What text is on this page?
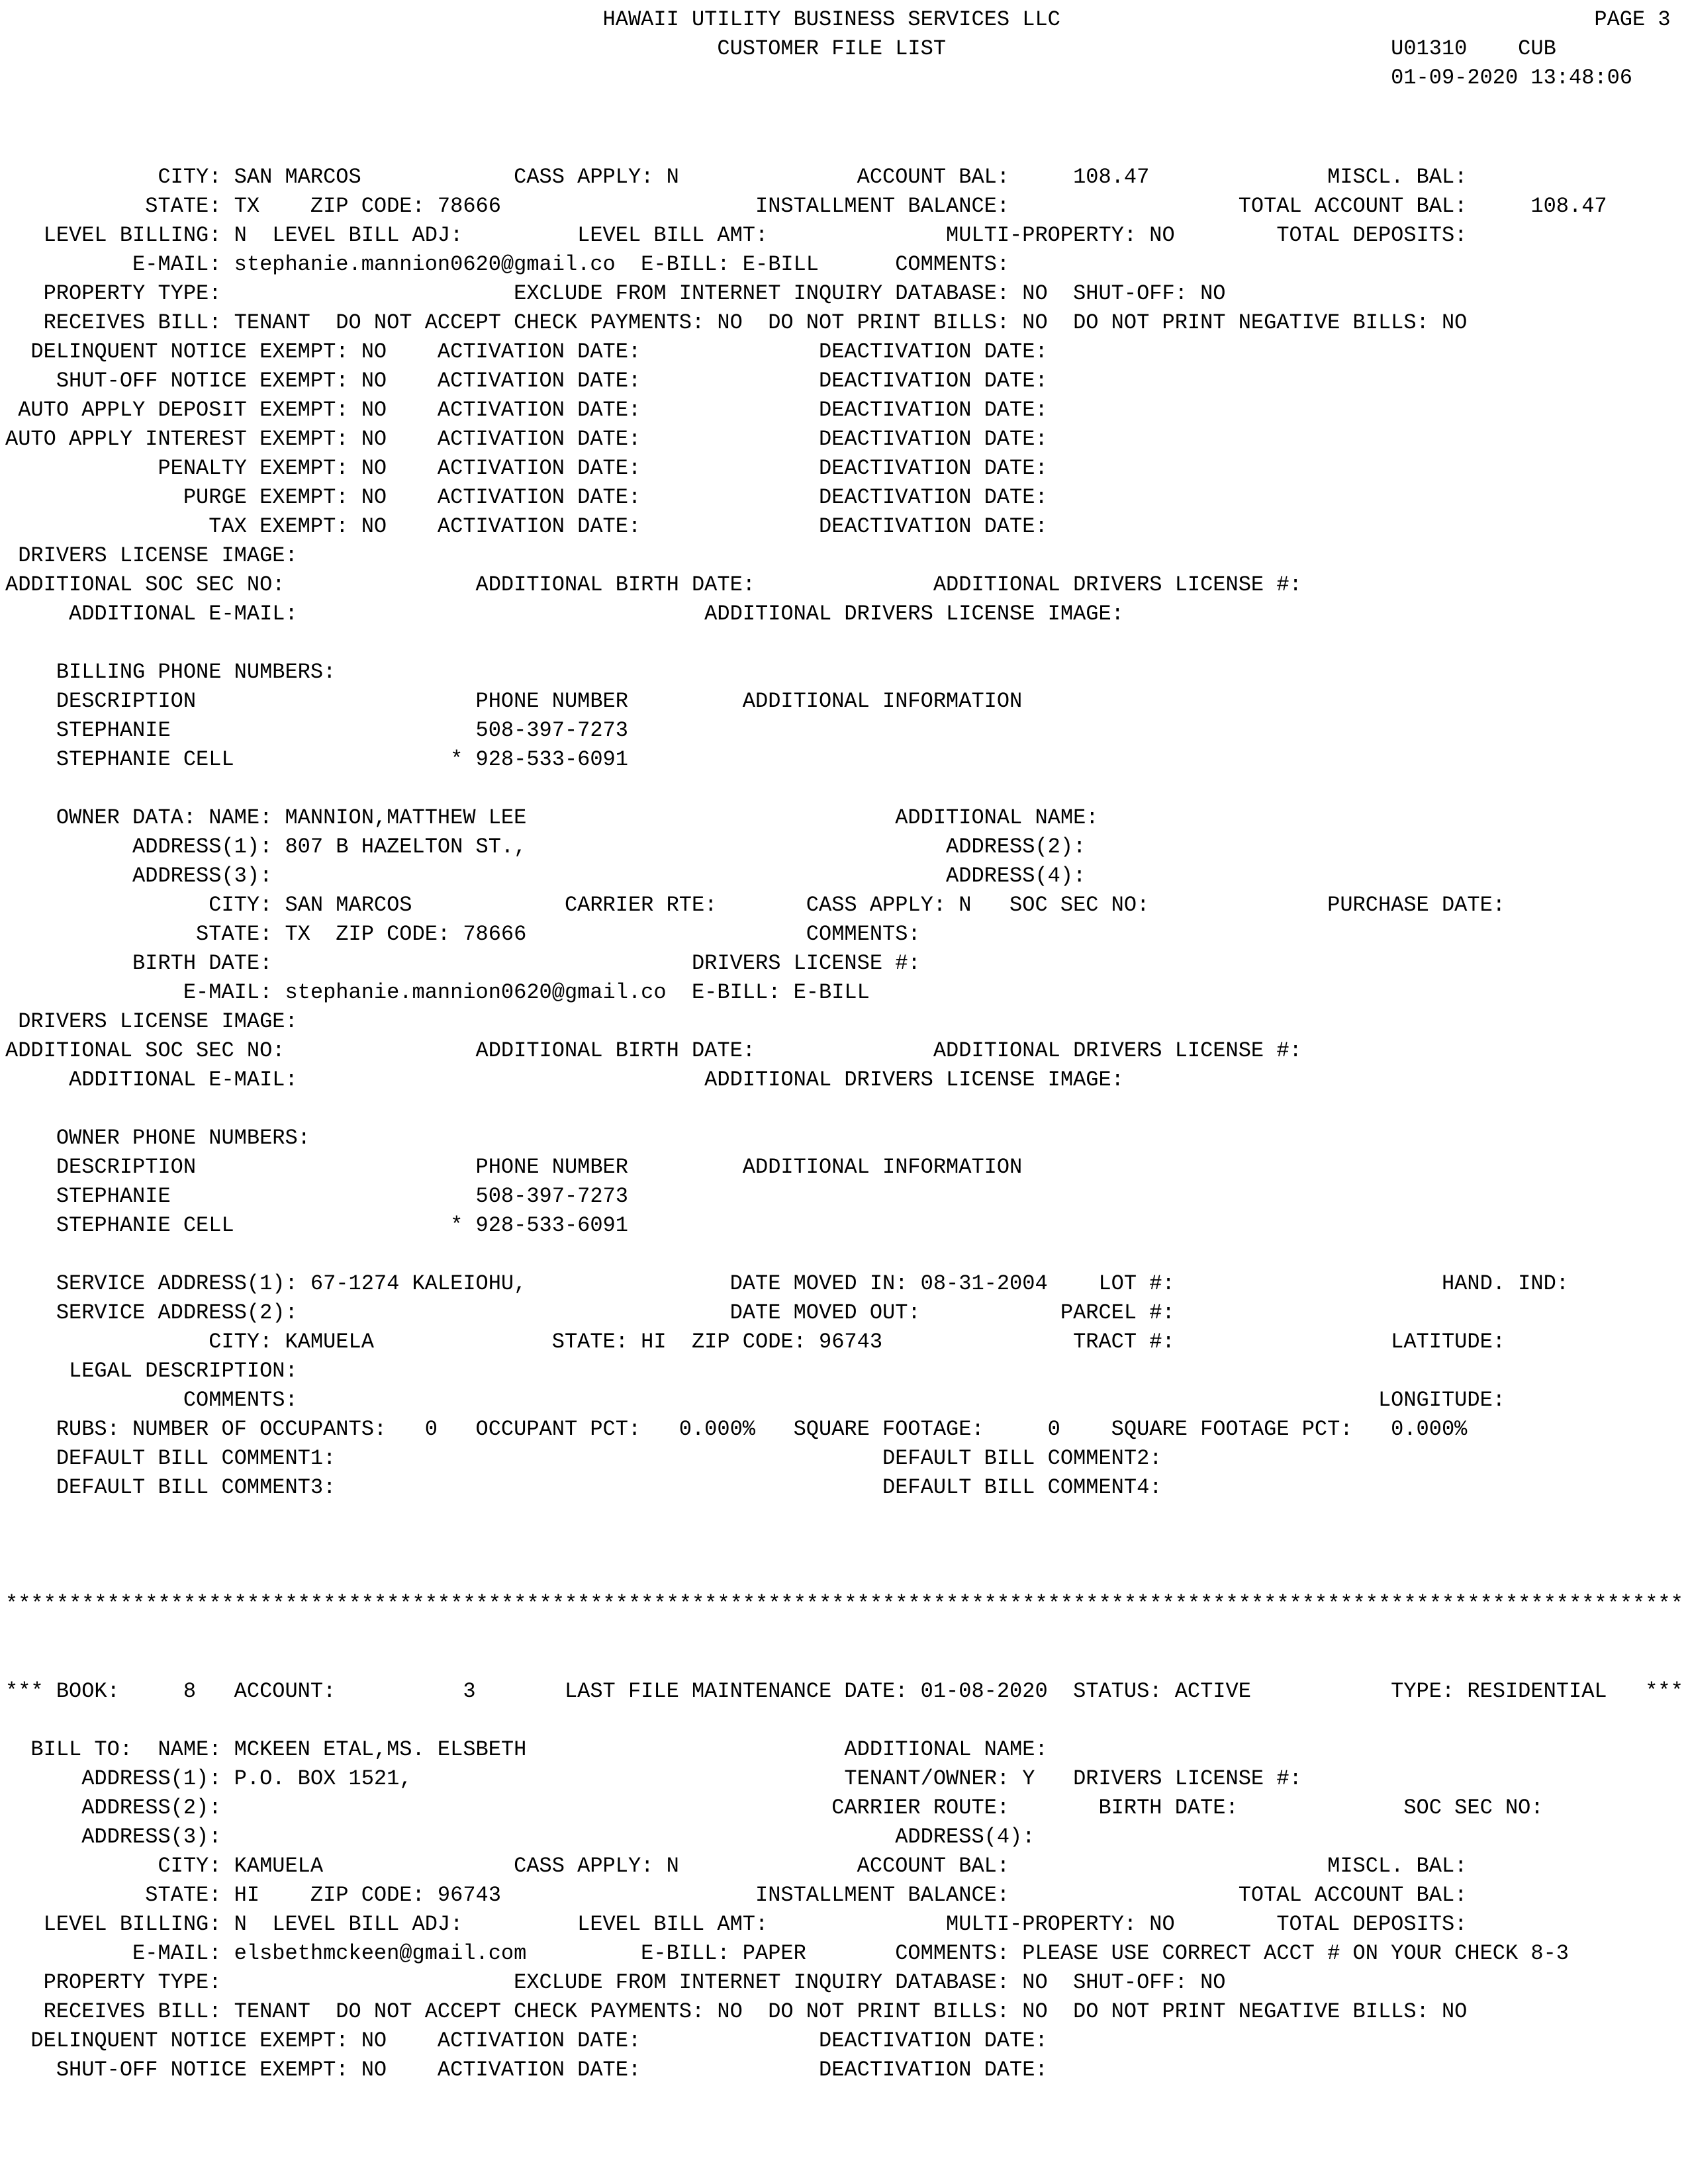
HAWAII UTILITY BUSINESS SERVICES LLC                                          PAGE 3
CUSTOMER FILE LIST                                   U01310    CUB
01-09-2020 13:48:06
CITY: SAN MARCOS            CASS APPLY: N              ACCOUNT BAL:     108.47              MISCL. BAL:
STATE: TX    ZIP CODE: 78666                    INSTALLMENT BALANCE:                  TOTAL ACCOUNT BAL:     108.47
LEVEL BILLING: N  LEVEL BILL ADJ:         LEVEL BILL AMT:              MULTI-PROPERTY: NO        TOTAL DEPOSITS:
E-MAIL: stephanie.mannion0620@gmail.co  E-BILL: E-BILL      COMMENTS:
PROPERTY TYPE:                       EXCLUDE FROM INTERNET INQUIRY DATABASE: NO  SHUT-OFF: NO
RECEIVES BILL: TENANT  DO NOT ACCEPT CHECK PAYMENTS: NO  DO NOT PRINT BILLS: NO  DO NOT PRINT NEGATIVE BILLS: NO
DELINQUENT NOTICE EXEMPT: NO    ACTIVATION DATE:              DEACTIVATION DATE:
SHUT-OFF NOTICE EXEMPT: NO    ACTIVATION DATE:              DEACTIVATION DATE:
AUTO APPLY DEPOSIT EXEMPT: NO    ACTIVATION DATE:              DEACTIVATION DATE:
AUTO APPLY INTEREST EXEMPT: NO    ACTIVATION DATE:              DEACTIVATION DATE:
PENALTY EXEMPT: NO    ACTIVATION DATE:              DEACTIVATION DATE:
PURGE EXEMPT: NO    ACTIVATION DATE:              DEACTIVATION DATE:
TAX EXEMPT: NO    ACTIVATION DATE:              DEACTIVATION DATE:
DRIVERS LICENSE IMAGE:
ADDITIONAL SOC SEC NO:               ADDITIONAL BIRTH DATE:              ADDITIONAL DRIVERS LICENSE #:
ADDITIONAL E-MAIL:                                ADDITIONAL DRIVERS LICENSE IMAGE:

BILLING PHONE NUMBERS:
DESCRIPTION                      PHONE NUMBER         ADDITIONAL INFORMATION
STEPHANIE                        508-397-7273
STEPHANIE CELL                 * 928-533-6091

OWNER DATA: NAME: MANNION,MATTHEW LEE                             ADDITIONAL NAME:
ADDRESS(1): 807 B HAZELTON ST.,                                 ADDRESS(2):
ADDRESS(3):                                                     ADDRESS(4):
CITY: SAN MARCOS            CARRIER RTE:       CASS APPLY: N   SOC SEC NO:              PURCHASE DATE:
STATE: TX  ZIP CODE: 78666                      COMMENTS:
BIRTH DATE:                                 DRIVERS LICENSE #:
E-MAIL: stephanie.mannion0620@gmail.co  E-BILL: E-BILL
DRIVERS LICENSE IMAGE:
ADDITIONAL SOC SEC NO:               ADDITIONAL BIRTH DATE:              ADDITIONAL DRIVERS LICENSE #:
ADDITIONAL E-MAIL:                                ADDITIONAL DRIVERS LICENSE IMAGE:

OWNER PHONE NUMBERS:
DESCRIPTION                      PHONE NUMBER         ADDITIONAL INFORMATION
STEPHANIE                        508-397-7273
STEPHANIE CELL                 * 928-533-6091

SERVICE ADDRESS(1): 67-1274 KALEIOHU,                DATE MOVED IN: 08-31-2004    LOT #:                     HAND. IND:
SERVICE ADDRESS(2):                                  DATE MOVED OUT:           PARCEL #:
CITY: KAMUELA              STATE: HI  ZIP CODE: 96743               TRACT #:                 LATITUDE:
LEGAL DESCRIPTION:
COMMENTS:                                                                                     LONGITUDE:
RUBS: NUMBER OF OCCUPANTS:   0   OCCUPANT PCT:   0.000%   SQUARE FOOTAGE:     0    SQUARE FOOTAGE PCT:   0.000%
DEFAULT BILL COMMENT1:                                           DEFAULT BILL COMMENT2:
DEFAULT BILL COMMENT3:                                           DEFAULT BILL COMMENT4:

************************************************************************************************************************************

*** BOOK:     8   ACCOUNT:          3       LAST FILE MAINTENANCE DATE: 01-08-2020  STATUS: ACTIVE           TYPE: RESIDENTIAL   ***

BILL TO:  NAME: MCKEEN ETAL,MS. ELSBETH                         ADDITIONAL NAME:
ADDRESS(1): P.O. BOX 1521,                                  TENANT/OWNER: Y   DRIVERS LICENSE #:
ADDRESS(2):                                                CARRIER ROUTE:       BIRTH DATE:             SOC SEC NO:
ADDRESS(3):                                                     ADDRESS(4):
CITY: KAMUELA               CASS APPLY: N              ACCOUNT BAL:                         MISCL. BAL:
STATE: HI    ZIP CODE: 96743                    INSTALLMENT BALANCE:                  TOTAL ACCOUNT BAL:
LEVEL BILLING: N  LEVEL BILL ADJ:         LEVEL BILL AMT:              MULTI-PROPERTY: NO        TOTAL DEPOSITS:
E-MAIL: elsbethmckeen@gmail.com         E-BILL: PAPER       COMMENTS: PLEASE USE CORRECT ACCT # ON YOUR CHECK 8-3
PROPERTY TYPE:                       EXCLUDE FROM INTERNET INQUIRY DATABASE: NO  SHUT-OFF: NO
RECEIVES BILL: TENANT  DO NOT ACCEPT CHECK PAYMENTS: NO  DO NOT PRINT BILLS: NO  DO NOT PRINT NEGATIVE BILLS: NO
DELINQUENT NOTICE EXEMPT: NO    ACTIVATION DATE:              DEACTIVATION DATE:
SHUT-OFF NOTICE EXEMPT: NO    ACTIVATION DATE:              DEACTIVATION DATE:
